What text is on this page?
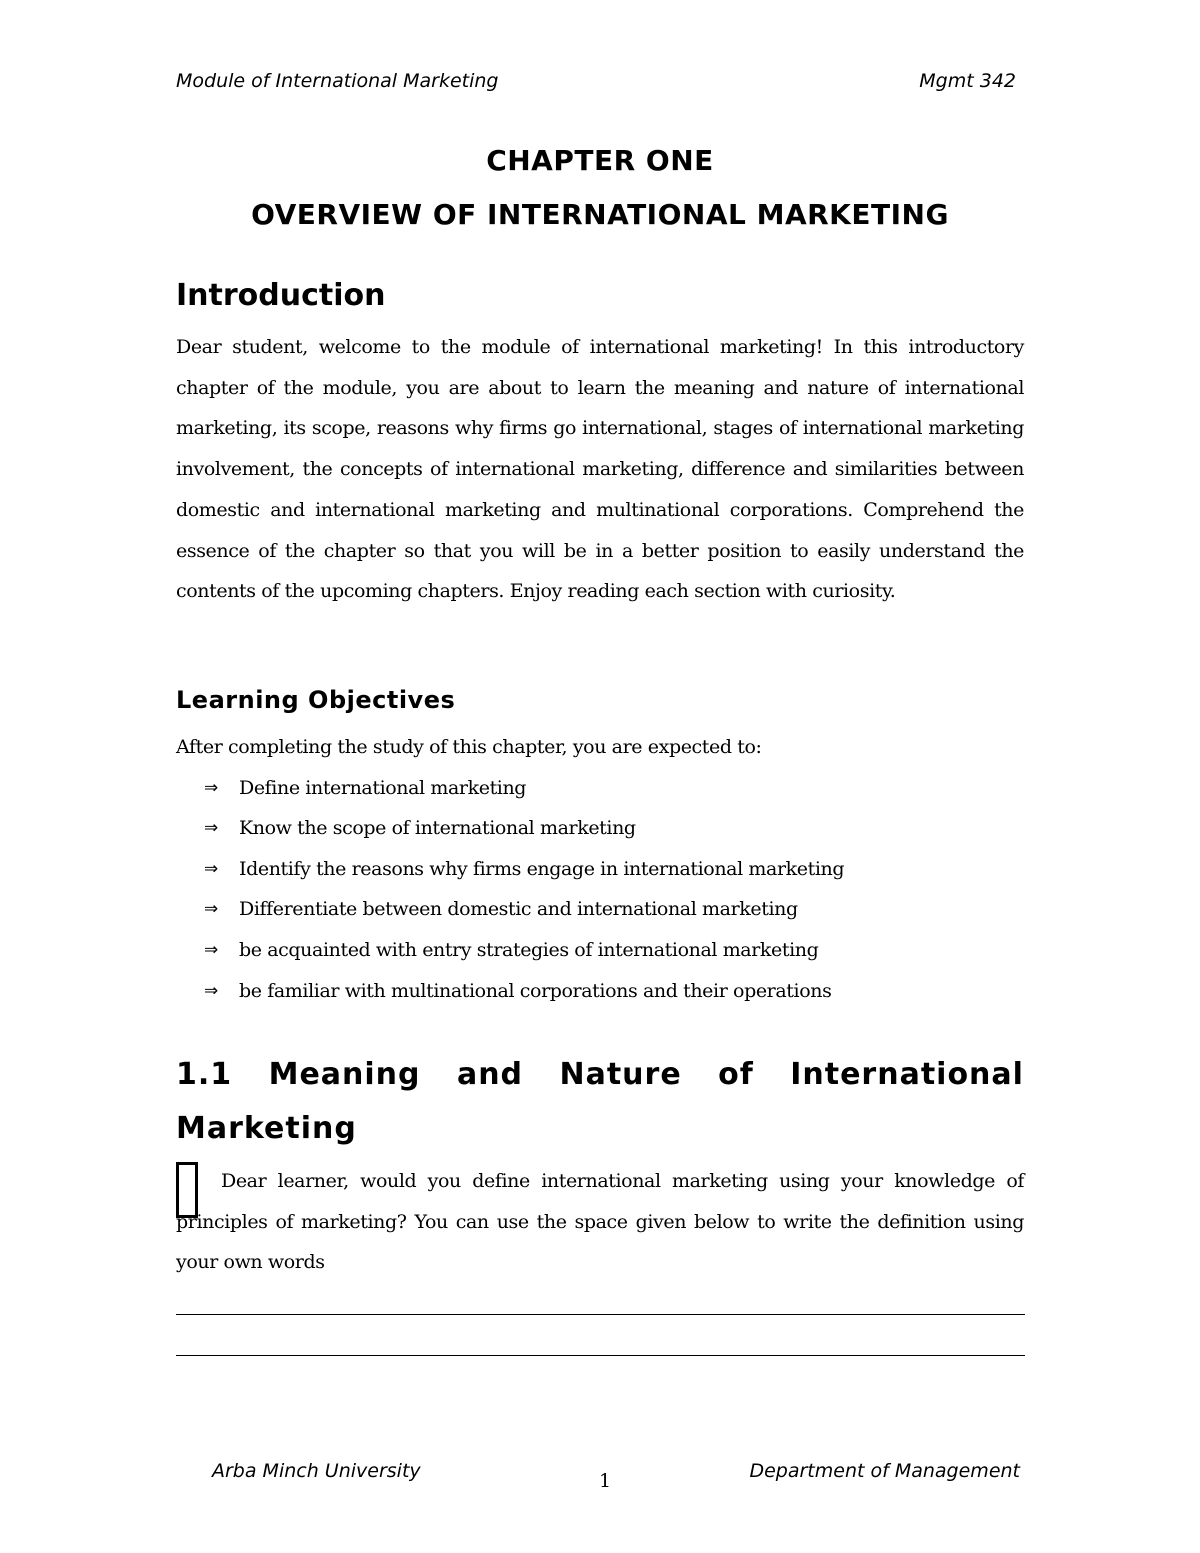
Module of International Marketing	Mgmt 342
CHAPTER ONE
OVERVIEW OF INTERNATIONAL MARKETING
Introduction

Dear student, welcome to the module of international marketing! In this introductory chapter of the module, you are about to learn the meaning and nature of international marketing, its scope, reasons why firms go international, stages of international marketing involvement, the concepts of international marketing, difference and similarities between domestic and international marketing and multinational corporations. Comprehend the essence of the chapter so that you will be in a better position to easily understand the contents of the upcoming chapters. Enjoy reading each section with curiosity.

Learning Objectives

After completing the study of this chapter, you are expected to:

⇒ Define international marketing
⇒ Know the scope of international marketing
⇒ Identify the reasons why firms engage in international marketing
⇒ Differentiate between domestic and international marketing
⇒ be acquainted with entry strategies of international marketing
⇒ be familiar with multinational corporations and their operations
1.1 Meaning and Nature of International
Marketing

Dear learner, would you define international marketing using your knowledge of principles of marketing? You can use the space given below to write the definition using your own words

Arba Minch University	1	Department of Management
